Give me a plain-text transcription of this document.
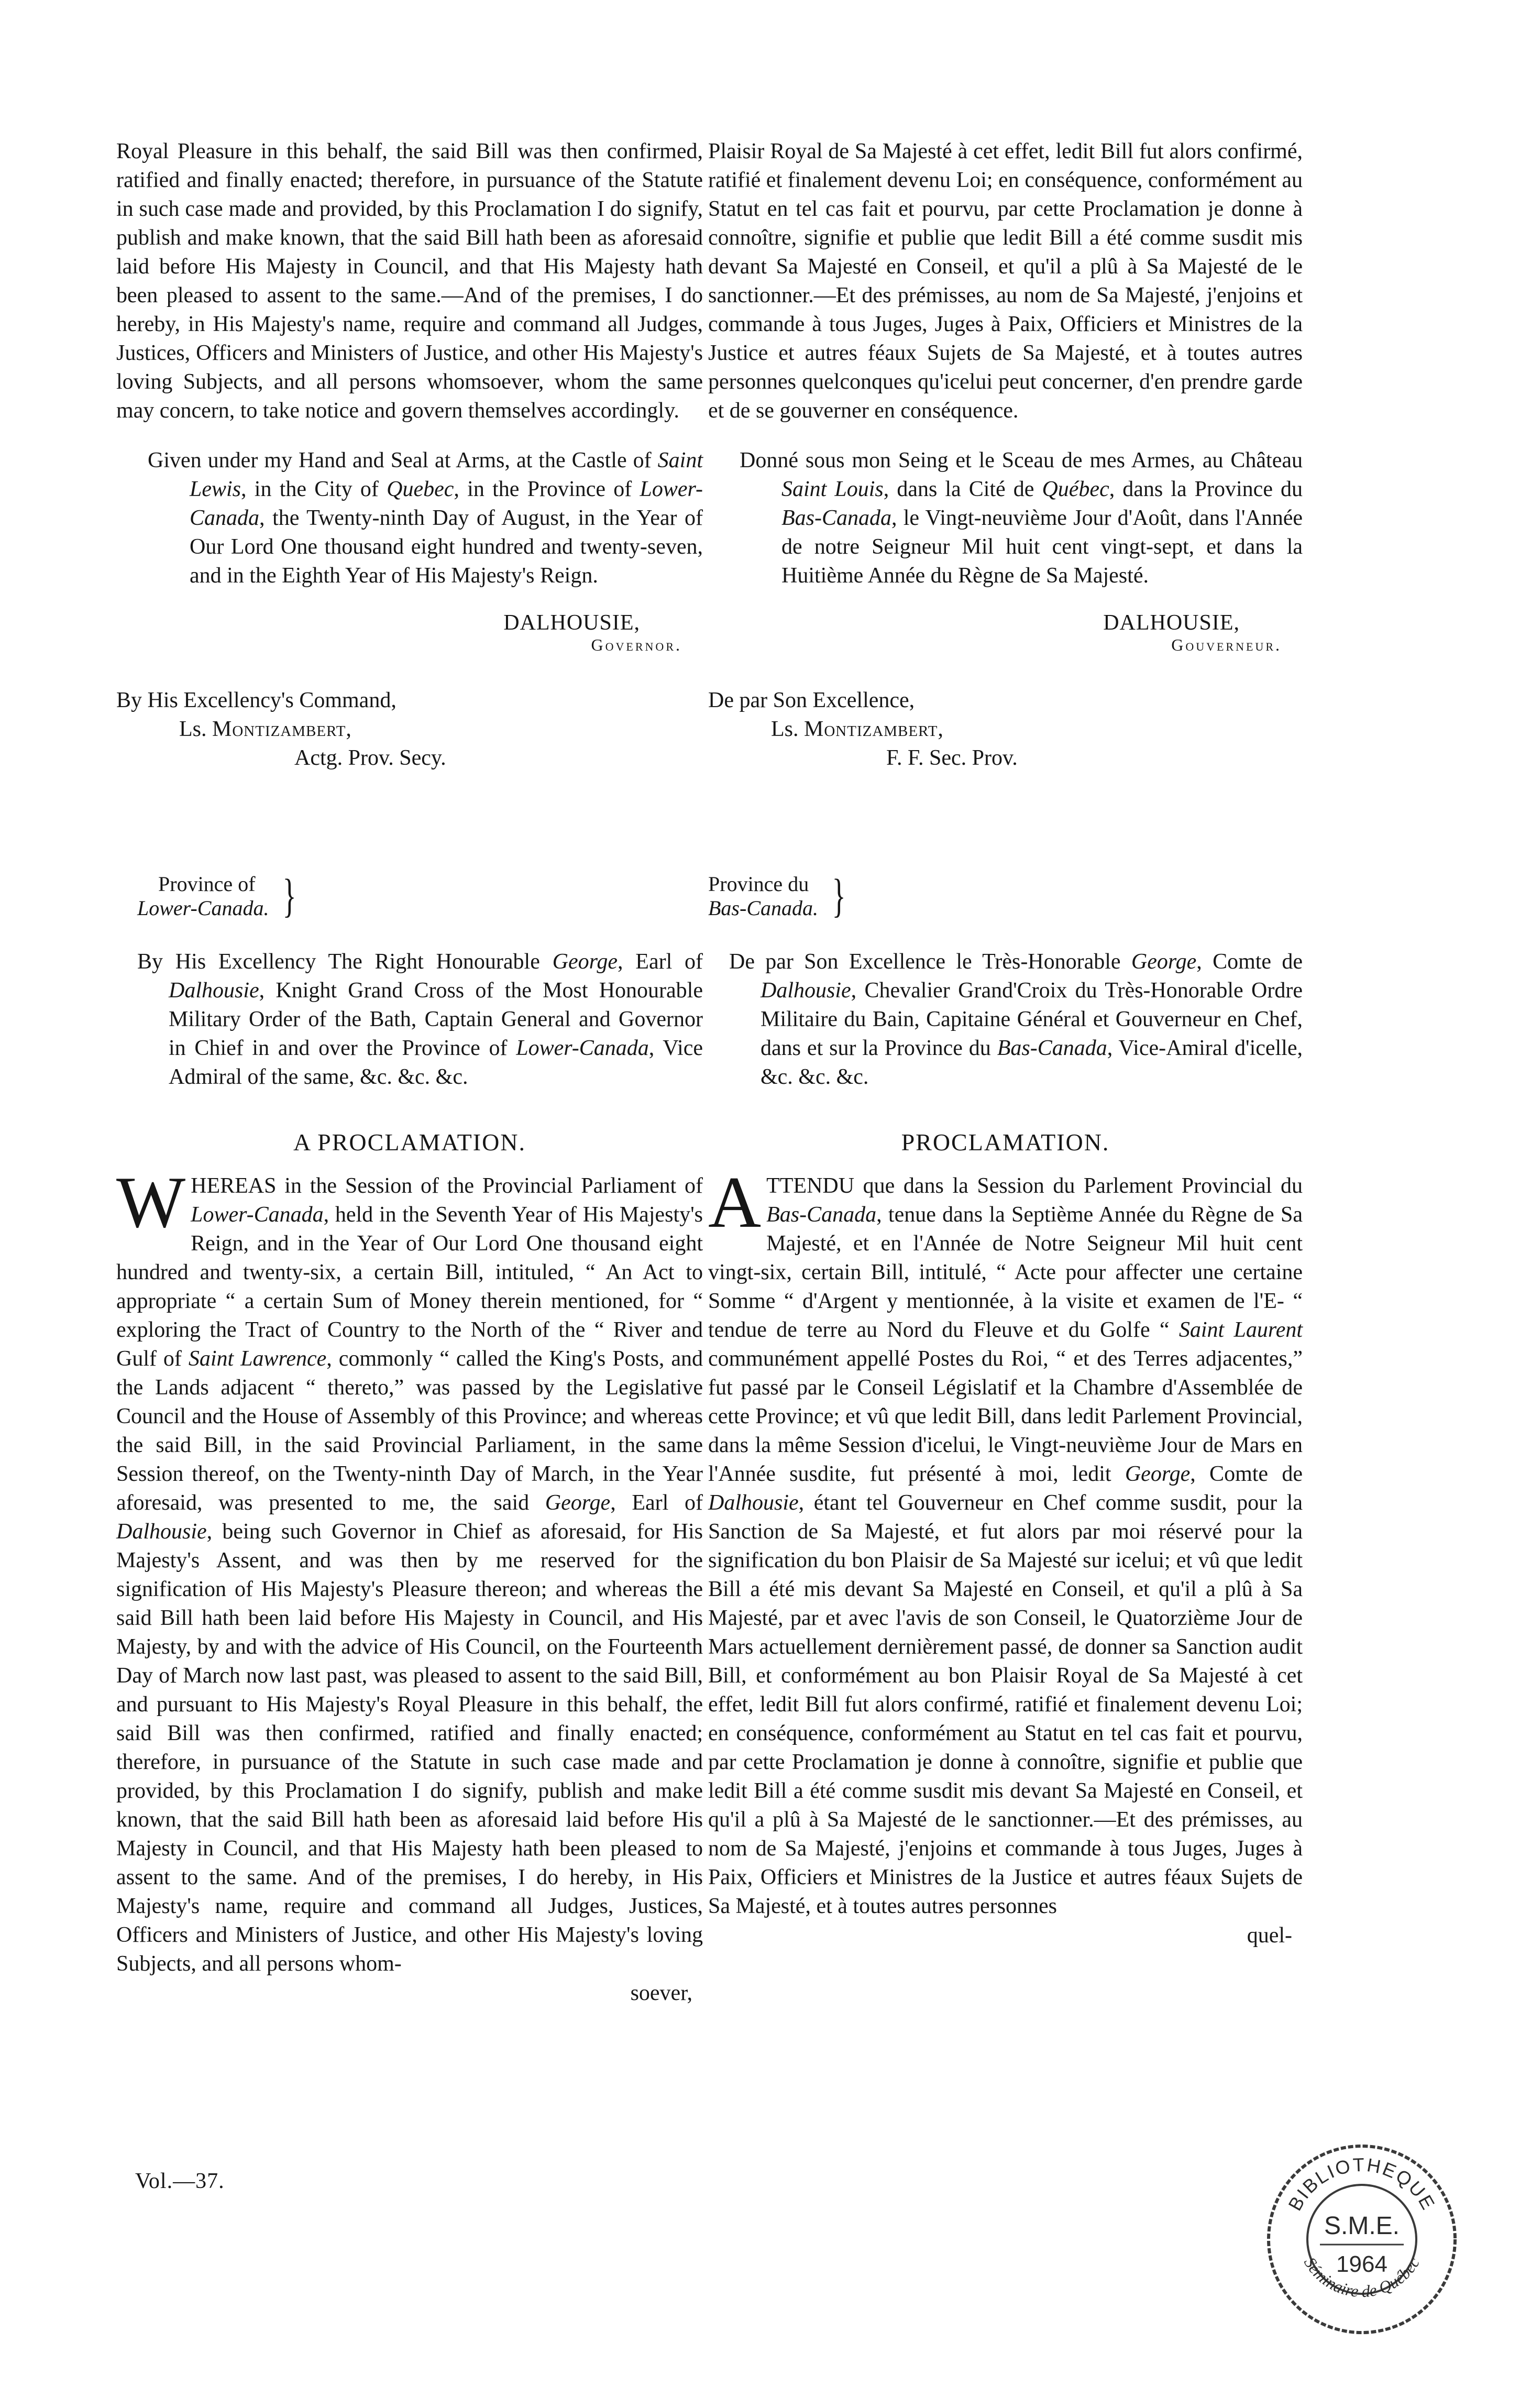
Royal Pleasure in this behalf, the said Bill was then confirmed, ratified and finally enacted; therefore, in pursuance of the Statute in such case made and provided, by this Proclamation I do signify, publish and make known, that the said Bill hath been as aforesaid laid before His Majesty in Council, and that His Majesty hath been pleased to assent to the same.—And of the premises, I do hereby, in His Majesty's name, require and command all Judges, Justices, Officers and Ministers of Justice, and other His Majesty's loving Subjects, and all persons whomsoever, whom the same may concern, to take notice and govern themselves accordingly.

Given under my Hand and Seal at Arms, at the Castle of Saint Lewis, in the City of Quebec, in the Province of Lower-Canada, the Twenty-ninth Day of August, in the Year of Our Lord One thousand eight hundred and twenty-seven, and in the Eighth Year of His Majesty's Reign.

DALHOUSIE,

Governor.

By His Excellency's Command,

Ls. Montizambert,

Actg. Prov. Secy.

Province of
Lower-Canada. }

By His Excellency The Right Honourable George, Earl of Dalhousie, Knight Grand Cross of the Most Honourable Military Order of the Bath, Captain General and Governor in Chief in and over the Province of Lower-Canada, Vice Admiral of the same, &c. &c. &c.

A PROCLAMATION.

WHEREAS in the Session of the Provincial Parliament of Lower-Canada, held in the Seventh Year of His Majesty's Reign, and in the Year of Our Lord One thousand eight hundred and twenty-six, a certain Bill, intituled, “ An Act to appropriate “ a certain Sum of Money therein mentioned, for “ exploring the Tract of Country to the North of the “ River and Gulf of Saint Lawrence, commonly “ called the King's Posts, and the Lands adjacent “ thereto,” was passed by the Legislative Council and the House of Assembly of this Province; and whereas the said Bill, in the said Provincial Parliament, in the same Session thereof, on the Twenty-ninth Day of March, in the Year aforesaid, was presented to me, the said George, Earl of Dalhousie, being such Governor in Chief as aforesaid, for His Majesty's Assent, and was then by me reserved for the signification of His Majesty's Pleasure thereon; and whereas the said Bill hath been laid before His Majesty in Council, and His Majesty, by and with the advice of His Council, on the Fourteenth Day of March now last past, was pleased to assent to the said Bill, and pursuant to His Majesty's Royal Pleasure in this behalf, the said Bill was then confirmed, ratified and finally enacted; therefore, in pursuance of the Statute in such case made and provided, by this Proclamation I do signify, publish and make known, that the said Bill hath been as aforesaid laid before His Majesty in Council, and that His Majesty hath been pleased to assent to the same. And of the premises, I do hereby, in His Majesty's name, require and command all Judges, Justices, Officers and Ministers of Justice, and other His Majesty's loving Subjects, and all persons whom-

soever,

Plaisir Royal de Sa Majesté à cet effet, ledit Bill fut alors confirmé, ratifié et finalement devenu Loi; en conséquence, conformément au Statut en tel cas fait et pourvu, par cette Proclamation je donne à connoître, signifie et publie que ledit Bill a été comme susdit mis devant Sa Majesté en Conseil, et qu'il a plû à Sa Majesté de le sanctionner.—Et des prémisses, au nom de Sa Majesté, j'enjoins et commande à tous Juges, Juges à Paix, Officiers et Ministres de la Justice et autres féaux Sujets de Sa Majesté, et à toutes autres personnes quelconques qu'icelui peut concerner, d'en prendre garde et de se gouverner en conséquence.

Donné sous mon Seing et le Sceau de mes Armes, au Château Saint Louis, dans la Cité de Québec, dans la Province du Bas-Canada, le Vingt-neuvième Jour d'Août, dans l'Année de notre Seigneur Mil huit cent vingt-sept, et dans la Huitième Année du Règne de Sa Majesté.

DALHOUSIE,

Gouverneur.

De par Son Excellence,

Ls. Montizambert,

F. F. Sec. Prov.

Province du
Bas-Canada. }

De par Son Excellence le Très-Honorable George, Comte de Dalhousie, Chevalier Grand'Croix du Très-Honorable Ordre Militaire du Bain, Capitaine Général et Gouverneur en Chef, dans et sur la Province du Bas-Canada, Vice-Amiral d'icelle, &c. &c. &c.

PROCLAMATION.

ATTENDU que dans la Session du Parlement Provincial du Bas-Canada, tenue dans la Septième Année du Règne de Sa Majesté, et en l'Année de Notre Seigneur Mil huit cent vingt-six, certain Bill, intitulé, “ Acte pour affecter une certaine Somme “ d'Argent y mentionnée, à la visite et examen de l'E- “ tendue de terre au Nord du Fleuve et du Golfe “ Saint Laurent communément appellé Postes du Roi, “ et des Terres adjacentes,” fut passé par le Conseil Législatif et la Chambre d'Assemblée de cette Province; et vû que ledit Bill, dans ledit Parlement Provincial, dans la même Session d'icelui, le Vingt-neuvième Jour de Mars en l'Année susdite, fut présenté à moi, ledit George, Comte de Dalhousie, étant tel Gouverneur en Chef comme susdit, pour la Sanction de Sa Majesté, et fut alors par moi réservé pour la signification du bon Plaisir de Sa Majesté sur icelui; et vû que ledit Bill a été mis devant Sa Majesté en Conseil, et qu'il a plû à Sa Majesté, par et avec l'avis de son Conseil, le Quatorzième Jour de Mars actuellement dernièrement passé, de donner sa Sanction audit Bill, et conformément au bon Plaisir Royal de Sa Majesté à cet effet, ledit Bill fut alors confirmé, ratifié et finalement devenu Loi; en conséquence, conformément au Statut en tel cas fait et pourvu, par cette Proclamation je donne à connoître, signifie et publie que ledit Bill a été comme susdit mis devant Sa Majesté en Conseil, et qu'il a plû à Sa Majesté de le sanctionner.—Et des prémisses, au nom de Sa Majesté, j'enjoins et commande à tous Juges, Juges à Paix, Officiers et Ministres de la Justice et autres féaux Sujets de Sa Majesté, et à toutes autres personnes

quel-

Vol.—37.
BIBLIOTHEQUE
Séminaire de Québec
S.M.E.
1964
